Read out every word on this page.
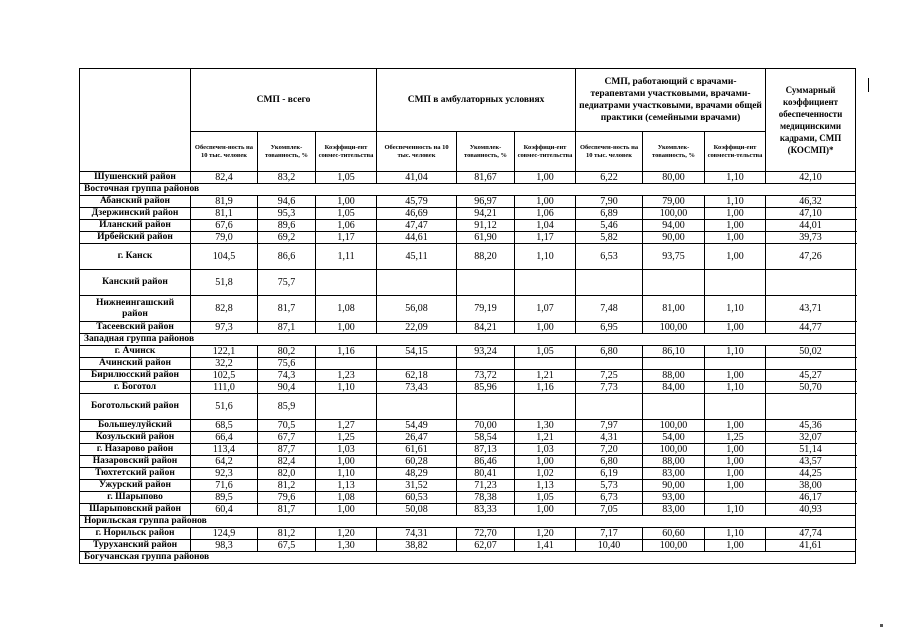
	СМП - всего			СМП в амбулаторных условиях			СМП, работающий с врачами-терапевтами участковыми, врачами-педиатрами участковыми, врачами общей практики (семейными врачами)			Суммарный коэффициент обеспеченности медицинскими кадрами, СМП (КОСМП)*
	Обеспечен-ность на 10 тыс. человек	Укомплек-тованность, %	Коэффици-ент совмес-тительства	Обеспеченность на 10 тыс. человек	Укомплек-тованность, %	Коэффици-ент совмес-тительства	Обеспечен-ность на 10 тыс. человек	Укомплек-тованность, %	Коэффици-ент совмести-тельства	
Шушенский район	82,4	83,2	1,05	41,04	81,67	1,00	6,22	80,00	1,10	42,10
Восточная группа районов										
Абанский район	81,9	94,6	1,00	45,79	96,97	1,00	7,90	79,00	1,10	46,32
Дзержинский район	81,1	95,3	1,05	46,69	94,21	1,06	6,89	100,00	1,00	47,10
Иланский район	67,6	89,6	1,06	47,47	91,12	1,04	5,46	94,00	1,00	44,01
Ирбейский район	79,0	69,2	1,17	44,61	61,90	1,17	5,82	90,00	1,00	39,73
г. Канск	104,5	86,6	1,11	45,11	88,20	1,10	6,53	93,75	1,00	47,26
Канский район	51,8	75,7								
Нижнеингашский район	82,8	81,7	1,08	56,08	79,19	1,07	7,48	81,00	1,10	43,71
Тасеевский район	97,3	87,1	1,00	22,09	84,21	1,00	6,95	100,00	1,00	44,77
Западная группа районов										
г. Ачинск	122,1	80,2	1,16	54,15	93,24	1,05	6,80	86,10	1,10	50,02
Ачинский район	32,2	75,6								
Бирилюсский район	102,5	74,3	1,23	62,18	73,72	1,21	7,25	88,00	1,00	45,27
г. Боготол	111,0	90,4	1,10	73,43	85,96	1,16	7,73	84,00	1,10	50,70
Боготольский район	51,6	85,9								
Большеулуйский	68,5	70,5	1,27	54,49	70,00	1,30	7,97	100,00	1,00	45,36
Козульский район	66,4	67,7	1,25	26,47	58,54	1,21	4,31	54,00	1,25	32,07
г. Назарово район	113,4	87,7	1,03	61,61	87,13	1,03	7,20	100,00	1,00	51,14
Назаровский район	64,2	82,4	1,00	60,28	86,46	1,00	6,80	88,00	1,00	43,57
Тюхтетский район	92,3	82,0	1,10	48,29	80,41	1,02	6,19	83,00	1,00	44,25
Ужурский район	71,6	81,2	1,13	31,52	71,23	1,13	5,73	90,00	1,00	38,00
г. Шарыпово	89,5	79,6	1,08	60,53	78,38	1,05	6,73	93,00		46,17
Шарыповский район	60,4	81,7	1,00	50,08	83,33	1,00	7,05	83,00	1,10	40,93
Норильская группа районов										
г. Норильск район	124,9	81,2	1,20	74,31	72,70	1,20	7,17	60,60	1,10	47,74
Туруханский район	98,3	67,5	1,30	38,82	62,07	1,41	10,40	100,00	1,00	41,61
Богучанская группа районов										
